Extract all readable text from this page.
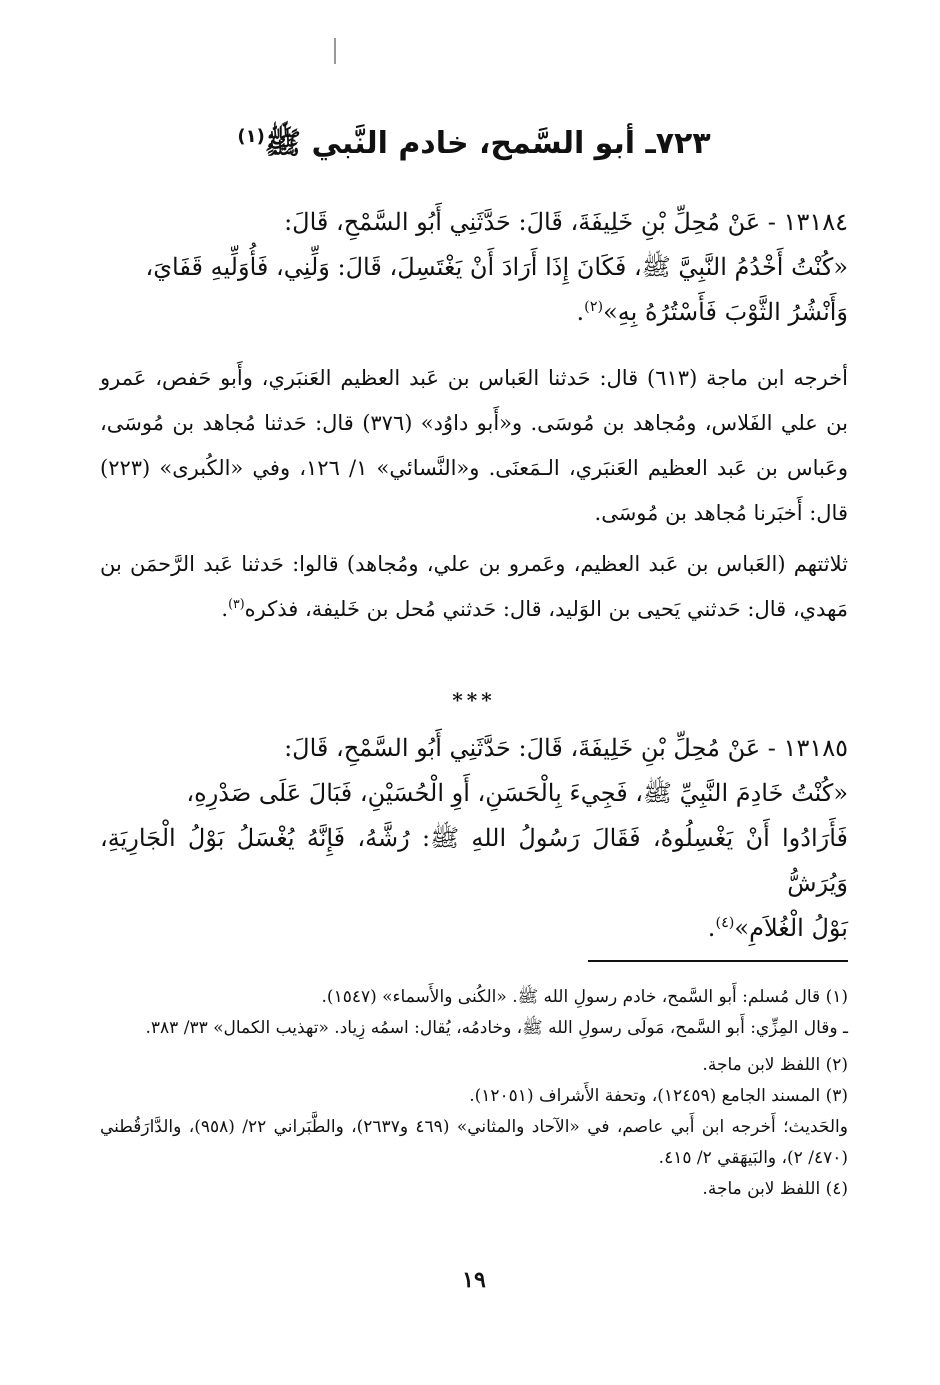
٧٢٣ـ أبو السَّمح، خادم النَّبي ﷺ$^{(١)}$

١٣١٨٤ - عَنْ مُحِلِّ بْنِ خَلِيفَةَ، قَالَ: حَدَّثَنِي أَبُو السَّمْحِ، قَالَ:

«كُنْتُ أَخْدُمُ النَّبِيَّ ﷺ، فَكَانَ إِذَا أَرَادَ أَنْ يَغْتَسِلَ، قَالَ: وَلِّنِي، فَأُوَلِّيهِ قَفَايَ،

وَأَنْشُرُ الثَّوْبَ فَأَسْتُرُهُ بِهِ»$^{(٢)}$.

أخرجه ابن ماجة (٦١٣) قال: حَدثنا العَباس بن عَبد العظيم العَنبَري، وأَبو حَفص، عَمرو بن علي الفَلاس، ومُجاهد بن مُوسَى. و«أَبو داوُد» (٣٧٦) قال: حَدثنا مُجاهد بن مُوسَى، وعَباس بن عَبد العظيم العَنبَري، الـمَعنَى. و«النَّسائي» ١/ ١٢٦، وفي «الكُبرى» (٢٢٣) قال: أَخبَرنا مُجاهد بن مُوسَى.

ثلاثتهم (العَباس بن عَبد العظيم، وعَمرو بن علي، ومُجاهد) قالوا: حَدثنا عَبد الرَّحمَن بن مَهدي، قال: حَدثني يَحيى بن الوَليد، قال: حَدثني مُحل بن خَليفة، فذكره$^{(٣)}$.

***

١٣١٨٥ - عَنْ مُحِلِّ بْنِ خَلِيفَةَ، قَالَ: حَدَّثَنِي أَبُو السَّمْحِ، قَالَ:

«كُنْتُ خَادِمَ النَّبِيِّ ﷺ، فَجِيءَ بِالْحَسَنِ، أَوِ الْحُسَيْنِ، فَبَالَ عَلَى صَدْرِهِ،

فَأَرَادُوا أَنْ يَغْسِلُوهُ، فَقَالَ رَسُولُ اللهِ ﷺ: رُشَّهُ، فَإِنَّهُ يُغْسَلُ بَوْلُ الْجَارِيَةِ، وَيُرَشُّ

بَوْلُ الْغُلاَمِ»$^{(٤)}$.

(١) قال مُسلم: أَبو السَّمح، خادم رسولِ الله ﷺ. «الكُنى والأَسماء» (١٥٤٧).

ـ وقال المِزِّي: أَبو السَّمح، مَولَى رسولِ الله ﷺ، وخادمُه، يُقال: اسمُه زِياد. «تهذيب الكمال» ٣٣/ ٣٨٣.

(٢) اللفظ لابن ماجة.

(٣) المسند الجامع (١٢٤٥٩)، وتحفة الأَشراف (١٢٠٥١).

والحَديث؛ أَخرجه ابن أَبي عاصم، في «الآحاد والمثاني» (٤٦٩ و٢٦٣٧)، والطَّبَراني ٢٢/ (٩٥٨)، والدَّارَقُطني (٤٧٠/ ٢)، والبَيهَقي ٢/ ٤١٥.

(٤) اللفظ لابن ماجة.

١٩
